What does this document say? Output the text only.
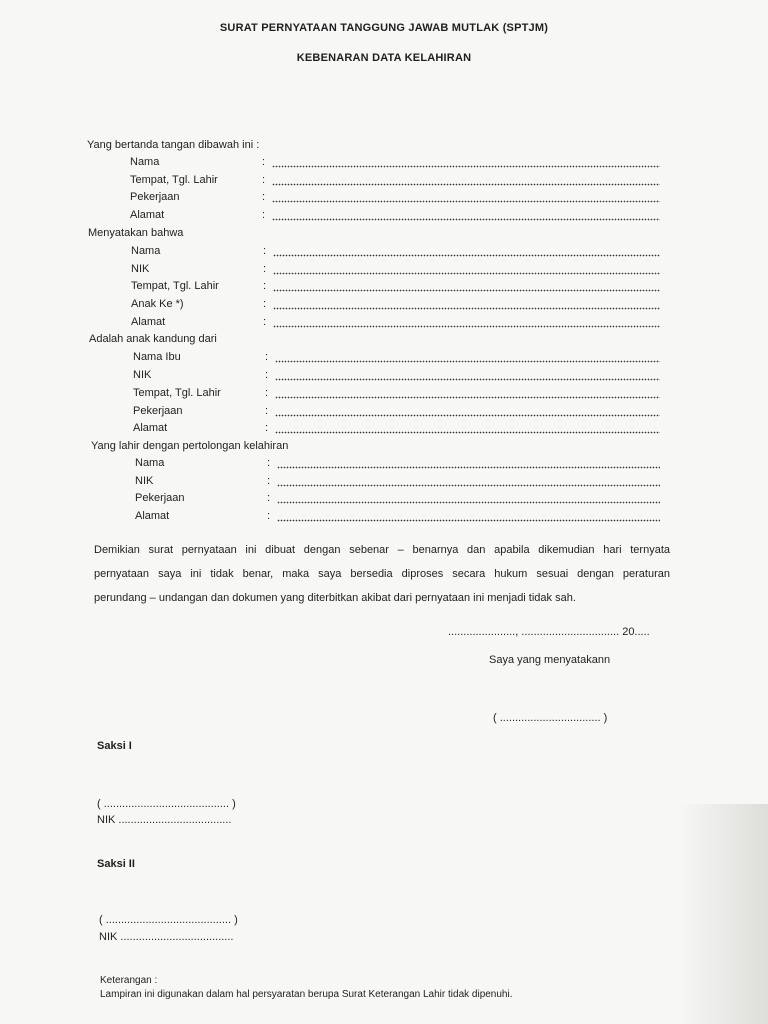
SURAT PERNYATAAN TANGGUNG JAWAB MUTLAK (SPTJM)
KEBENARAN DATA KELAHIRAN
Yang bertanda tangan dibawah ini :
Nama	:
Tempat, Tgl. Lahir	:
Pekerjaan	:
Alamat	:
Menyatakan bahwa
Nama	:
NIK	:
Tempat, Tgl. Lahir	:
Anak Ke *)	:
Alamat	:
Adalah anak kandung dari
Nama Ibu	:
NIK	:
Tempat, Tgl. Lahir	:
Pekerjaan	:
Alamat	:
Yang lahir dengan pertolongan kelahiran
Nama	:
NIK	:
Pekerjaan	:
Alamat	:
Demikian surat pernyataan ini dibuat dengan sebenar – benarnya dan apabila dikemudian hari ternyata
pernyataan saya ini tidak benar, maka saya bersedia diproses secara hukum sesuai dengan peraturan
perundang – undangan dan dokumen yang diterbitkan akibat dari pernyataan ini menjadi tidak sah.
......................, ................................ 20.....
Saya yang menyatakann
( ................................. )
Saksi I
( ......................................... )
NIK .....................................
Saksi II
( ......................................... )
NIK .....................................
Keterangan :
Lampiran ini digunakan dalam hal persyaratan berupa Surat Keterangan Lahir tidak dipenuhi.
